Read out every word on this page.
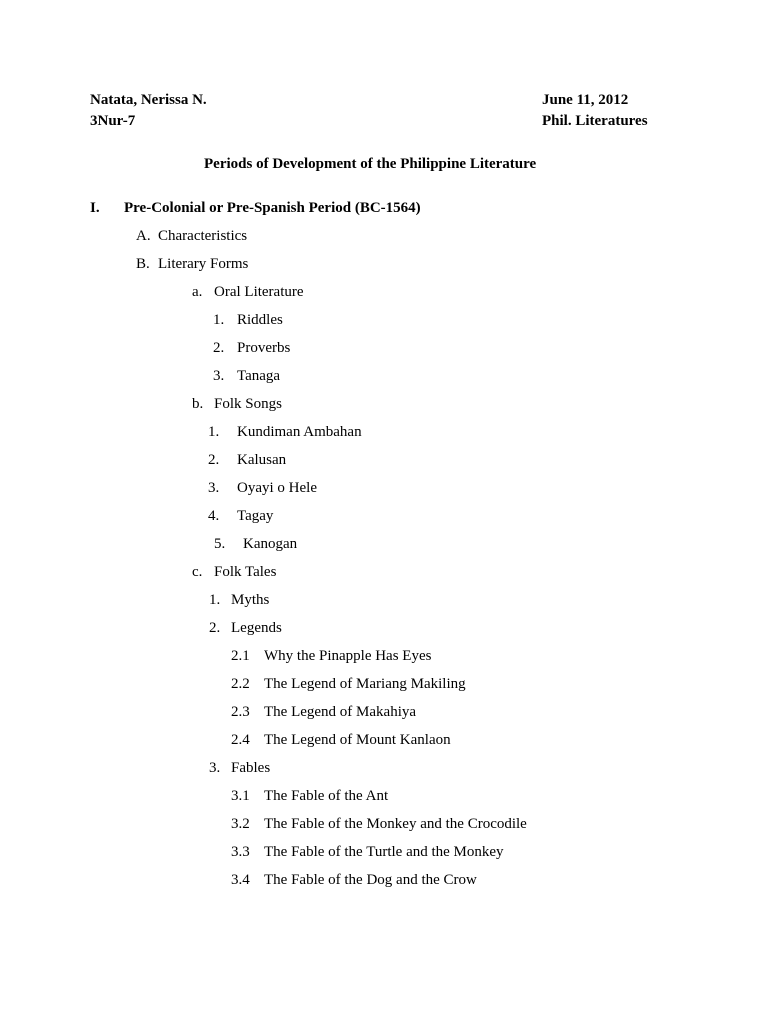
Natata, Nerissa N.
3Nur-7
June 11, 2012
Phil. Literatures
Periods of Development of the Philippine Literature
I. Pre-Colonial or Pre-Spanish Period (BC-1564)
A. Characteristics
B. Literary Forms
a. Oral Literature
1. Riddles
2. Proverbs
3. Tanaga
b. Folk Songs
1. Kundiman Ambahan
2. Kalusan
3. Oyayi o Hele
4. Tagay
5. Kanogan
c. Folk Tales
1. Myths
2. Legends
2.1 Why the Pinapple Has Eyes
2.2 The Legend of Mariang Makiling
2.3 The Legend of Makahiya
2.4 The Legend of Mount Kanlaon
3. Fables
3.1 The Fable of the Ant
3.2 The Fable of the Monkey and the Crocodile
3.3 The Fable of the Turtle and the Monkey
3.4 The Fable of the Dog and the Crow
